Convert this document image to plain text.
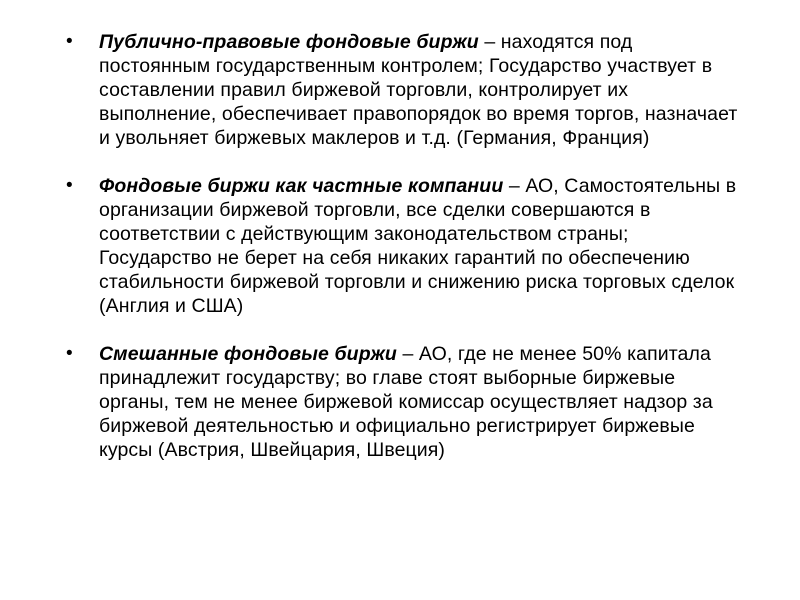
• Публично-правовые фондовые биржи – находятся под постоянным государственным контролем; Государство участвует в составлении правил биржевой торговли, контролирует их выполнение, обеспечивает правопорядок во время торгов, назначает и увольняет биржевых маклеров и т.д. (Германия, Франция)
• Фондовые биржи как частные компании – АО, Самостоятельны в организации биржевой торговли, все сделки совершаются в соответствии с действующим законодательством страны; Государство не берет на себя никаких гарантий по обеспечению стабильности биржевой торговли и снижению риска торговых сделок (Англия и США)
• Смешанные фондовые биржи – АО, где не менее 50% капитала принадлежит государству; во главе стоят выборные биржевые органы, тем не менее биржевой комиссар осуществляет надзор за биржевой деятельностью и официально регистрирует биржевые курсы (Австрия, Швейцария, Швеция)
